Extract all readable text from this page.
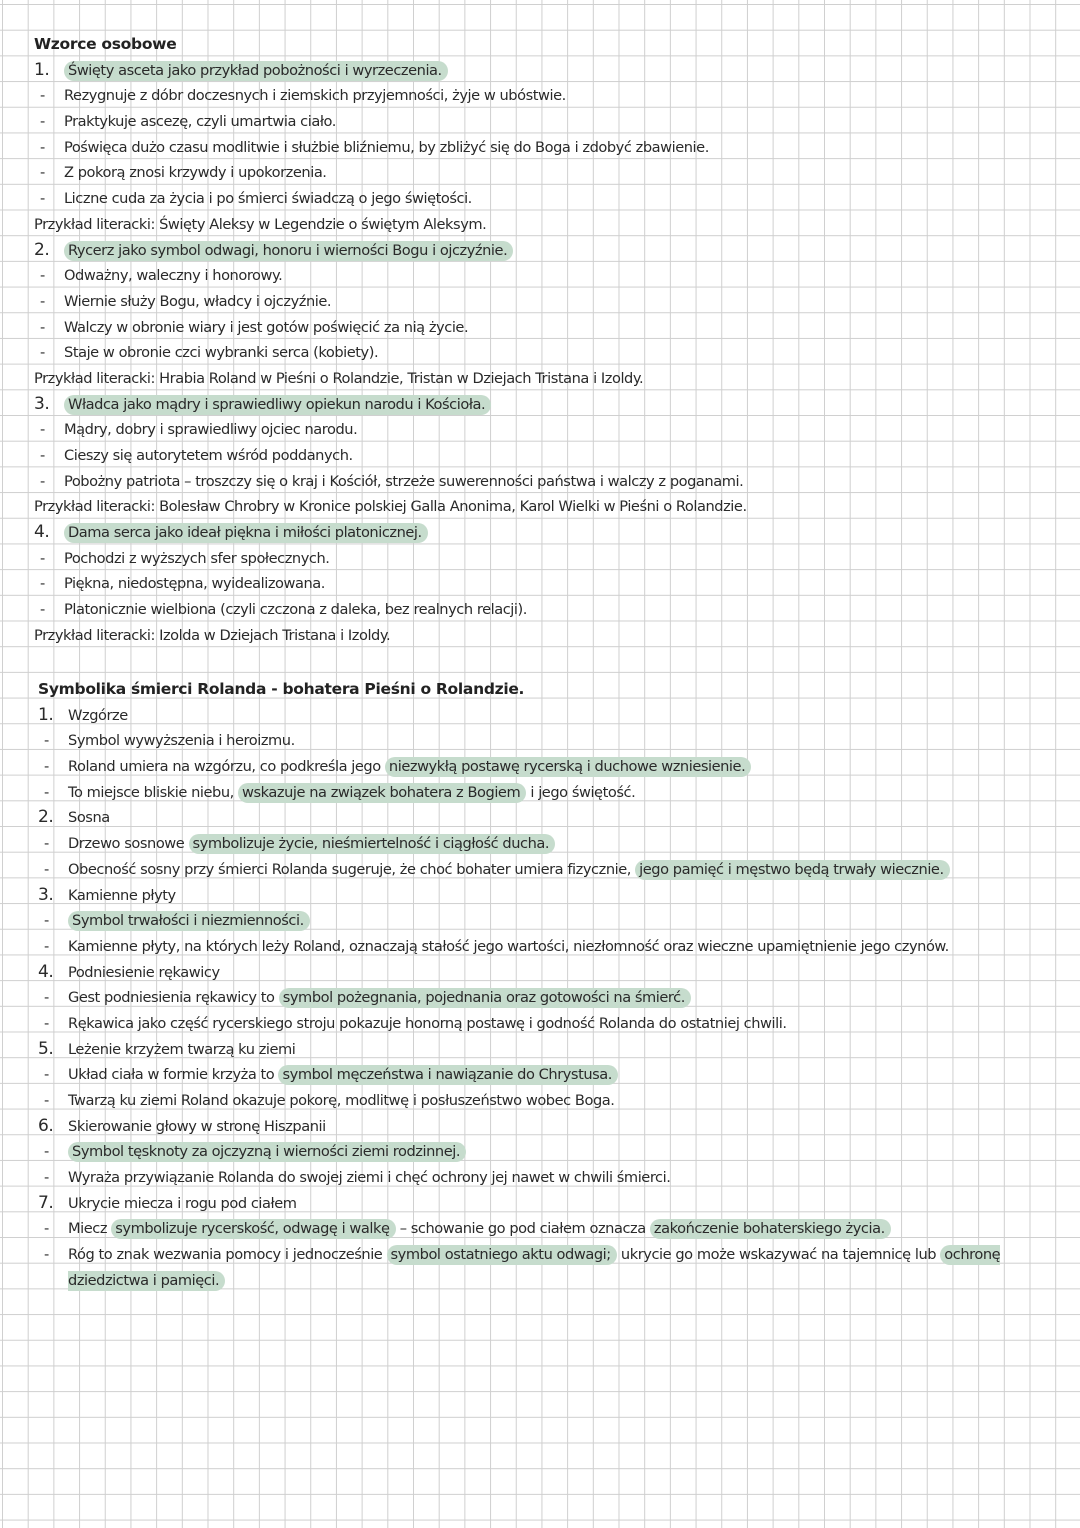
Wzorce osobowe
1. Święty asceta jako przykład pobożności i wyrzeczenia.
- Rezygnuje z dóbr doczesnych i ziemskich przyjemności, żyje w ubóstwie.
- Praktykuje ascezę, czyli umartwia ciało.
- Poświęca dużo czasu modlitwie i służbie bliźniemu, by zbliżyć się do Boga i zdobyć zbawienie.
- Z pokorą znosi krzywdy i upokorzenia.
- Liczne cuda za życia i po śmierci świadczą o jego świętości.
Przykład literacki: Święty Aleksy w Legendzie o świętym Aleksym.
2. Rycerz jako symbol odwagi, honoru i wierności Bogu i ojczyźnie.
- Odważny, waleczny i honorowy.
- Wiernie służy Bogu, władcy i ojczyźnie.
- Walczy w obronie wiary i jest gotów poświęcić za nią życie.
- Staje w obronie czci wybranki serca (kobiety).
Przykład literacki: Hrabia Roland w Pieśni o Rolandzie, Tristan w Dziejach Tristana i Izoldy.
3. Władca jako mądry i sprawiedliwy opiekun narodu i Kościoła.
- Mądry, dobry i sprawiedliwy ojciec narodu.
- Cieszy się autorytetem wśród poddanych.
- Pobożny patriota – troszczy się o kraj i Kościół, strzeże suwerenności państwa i walczy z poganami.
Przykład literacki: Bolesław Chrobry w Kronice polskiej Galla Anonima, Karol Wielki w Pieśni o Rolandzie.
4. Dama serca jako ideał piękna i miłości platonicznej.
- Pochodzi z wyższych sfer społecznych.
- Piękna, niedostępna, wyidealizowana.
- Platonicznie wielbiona (czyli czczona z daleka, bez realnych relacji).
Przykład literacki: Izolda w Dziejach Tristana i Izoldy.
Symbolika śmierci Rolanda - bohatera Pieśni o Rolandzie.
1. Wzgórze
- Symbol wywyższenia i heroizmu.
- Roland umiera na wzgórzu, co podkreśla jego niezwykłą postawę rycerską i duchowe wzniesienie.
- To miejsce bliskie niebu, wskazuje na związek bohatera z Bogiem i jego świętość.
2. Sosna
- Drzewo sosnowe symbolizuje życie, nieśmiertelność i ciągłość ducha.
- Obecność sosny przy śmierci Rolanda sugeruje, że choć bohater umiera fizycznie, jego pamięć i męstwo będą trwały wiecznie.
3. Kamienne płyty
- Symbol trwałości i niezmienności.
- Kamienne płyty, na których leży Roland, oznaczają stałość jego wartości, niezłomność oraz wieczne upamiętnienie jego czynów.
4. Podniesienie rękawicy
- Gest podniesienia rękawicy to symbol pożegnania, pojednania oraz gotowości na śmierć.
- Rękawica jako część rycerskiego stroju pokazuje honorną postawę i godność Rolanda do ostatniej chwili.
5. Leżenie krzyżem twarzą ku ziemi
- Układ ciała w formie krzyża to symbol męczeństwa i nawiązanie do Chrystusa.
- Twarzą ku ziemi Roland okazuje pokorę, modlitwę i posłuszeństwo wobec Boga.
6. Skierowanie głowy w stronę Hiszpanii
- Symbol tęsknoty za ojczyzną i wierności ziemi rodzinnej.
- Wyraża przywiązanie Rolanda do swojej ziemi i chęć ochrony jej nawet w chwili śmierci.
7. Ukrycie miecza i rogu pod ciałem
- Miecz symbolizuje rycerskość, odwagę i walkę – schowanie go pod ciałem oznacza zakończenie bohaterskiego życia.
- Róg to znak wezwania pomocy i jednocześnie symbol ostatniego aktu odwagi; ukrycie go może wskazywać na tajemnicę lub ochronę dziedzictwa i pamięci.
